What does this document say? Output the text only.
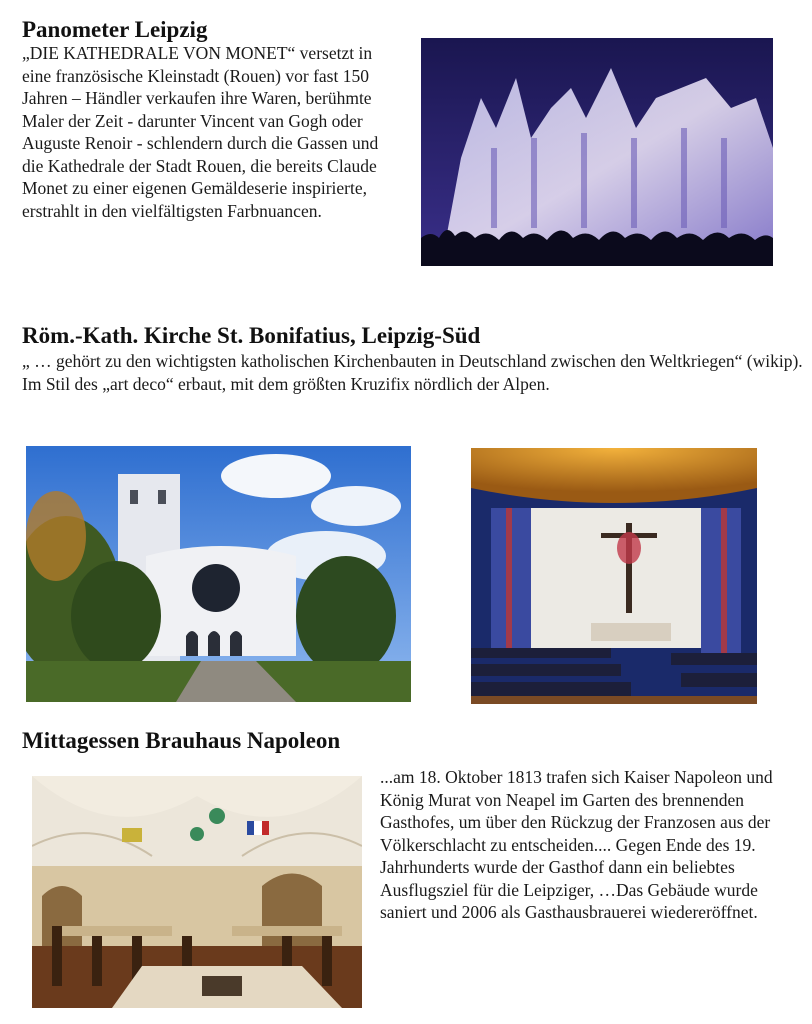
Panometer Leipzig
„DIE KATHEDRALE VON MONET“ versetzt in eine französische Kleinstadt (Rouen) vor fast 150 Jahren – Händler verkaufen ihre Waren, berühmte Maler der Zeit - darunter Vincent van Gogh oder Auguste Renoir - schlendern durch die Gassen und die Kathedrale der Stadt Rouen, die bereits Claude Monet zu einer eigenen Gemäldeserie inspirierte, erstrahlt in den vielfältigsten Farbnuancen.
Röm.-Kath. Kirche St. Bonifatius, Leipzig-Süd
„ … gehört zu den wichtigsten katholischen Kirchenbauten in Deutschland zwischen den Weltkriegen“ (wikip). Im Stil des „art deco“ erbaut, mit dem größten Kruzifix nördlich der Alpen.
Mittagessen Brauhaus Napoleon
...am 18. Oktober 1813 trafen sich Kaiser Napoleon und König Murat von Neapel im Garten des brennenden Gasthofes, um über den Rückzug der Franzosen aus der Völkerschlacht zu entscheiden.... Gegen Ende des 19. Jahrhunderts wurde der Gasthof dann ein beliebtes Ausflugsziel für die Leipziger, …Das Gebäude wurde saniert und 2006 als Gasthausbrauerei wiedereröffnet.
